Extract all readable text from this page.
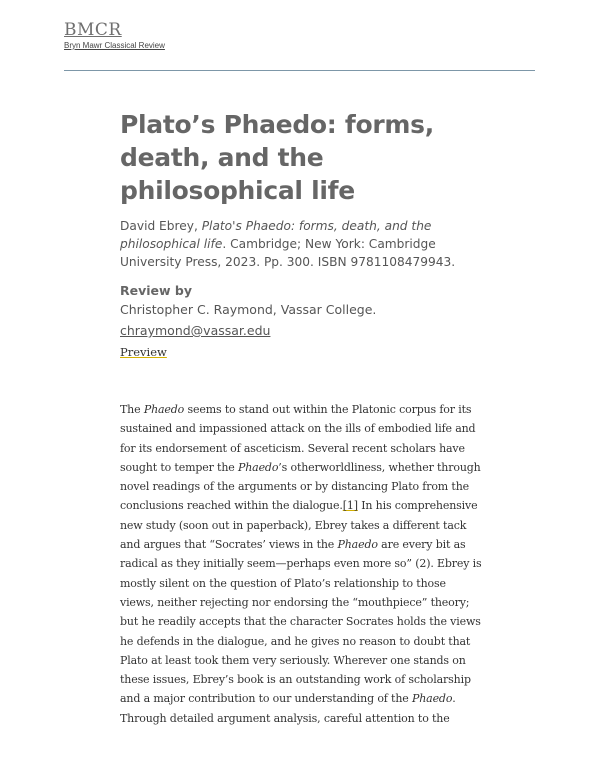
BMCR
Bryn Mawr Classical Review
Plato’s Phaedo: forms, death, and the philosophical life
David Ebrey, Plato's Phaedo: forms, death, and the philosophical life. Cambridge; New York: Cambridge University Press, 2023. Pp. 300. ISBN 9781108479943.
Review by
Christopher C. Raymond, Vassar College.
chraymond@vassar.edu
Preview
The Phaedo seems to stand out within the Platonic corpus for its sustained and impassioned attack on the ills of embodied life and for its endorsement of asceticism. Several recent scholars have sought to temper the Phaedo’s otherworldliness, whether through novel readings of the arguments or by distancing Plato from the conclusions reached within the dialogue.[1] In his comprehensive new study (soon out in paperback), Ebrey takes a different tack and argues that “Socrates’ views in the Phaedo are every bit as radical as they initially seem—perhaps even more so” (2). Ebrey is mostly silent on the question of Plato’s relationship to those views, neither rejecting nor endorsing the “mouthpiece” theory; but he readily accepts that the character Socrates holds the views he defends in the dialogue, and he gives no reason to doubt that Plato at least took them very seriously. Wherever one stands on these issues, Ebrey’s book is an outstanding work of scholarship and a major contribution to our understanding of the Phaedo. Through detailed argument analysis, careful attention to the
